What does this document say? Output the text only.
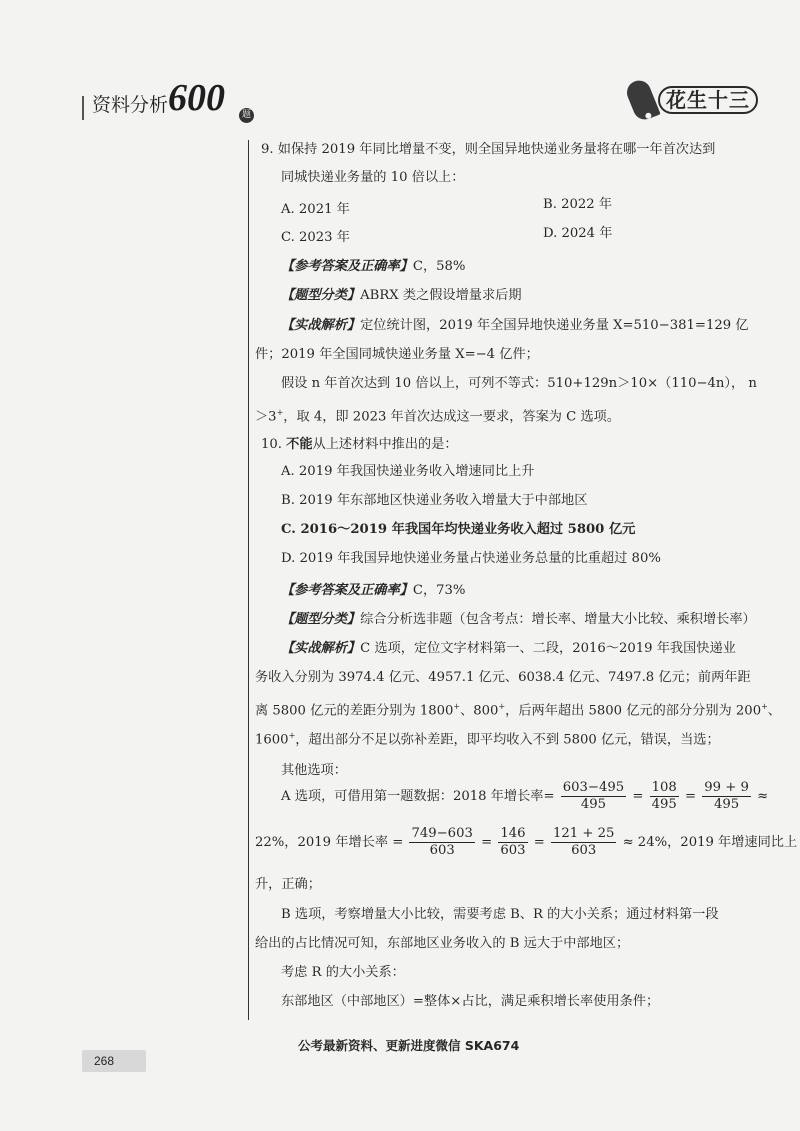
资料分析 600	题
花生十三
9. 如保持 2019 年同比增量不变，则全国异地快递业务量将在哪一年首次达到
同城快递业务量的 10 倍以上：
A. 2021 年	B. 2022 年
C. 2023 年	D. 2024 年
【参考答案及正确率】C，58%
【题型分类】ABRX 类之假设增量求后期
【实战解析】定位统计图，2019 年全国异地快递业务量 X=510−381=129 亿
件；2019 年全国同城快递业务量 X=−4 亿件；
假设 n 年首次达到 10 倍以上，可列不等式：510+129n＞10×（110−4n）， n
＞3+，取 4，即 2023 年首次达成这一要求，答案为 C 选项。
10. 不能从上述材料中推出的是：
A. 2019 年我国快递业务收入增速同比上升
B. 2019 年东部地区快递业务收入增量大于中部地区
C. 2016～2019 年我国年均快递业务收入超过 5800 亿元
D. 2019 年我国异地快递业务量占快递业务总量的比重超过 80%
【参考答案及正确率】C，73%
【题型分类】综合分析选非题（包含考点：增长率、增量大小比较、乘积增长率）
【实战解析】C 选项，定位文字材料第一、二段，2016～2019 年我国快递业
务收入分别为 3974.4 亿元、4957.1 亿元、6038.4 亿元、7497.8 亿元；前两年距
离 5800 亿元的差距分别为 1800+、800+，后两年超出 5800 亿元的部分分别为 200+、
1600+，超出部分不足以弥补差距，即平均收入不到 5800 亿元，错误，当选；
其他选项：
A 选项，可借用第一题数据：2018 年增长率= $\frac{603-495}{495} = \frac{108}{495} = \frac{99 + 9}{495}$ ≈
22%，2019 年增长率 = $\frac{749-603}{603} = \frac{146}{603} = \frac{121 + 25}{603} \approx 24\%$，2019 年增速同比上
升，正确；
B 选项，考察增量大小比较，需要考虑 B、R 的大小关系；通过材料第一段
给出的占比情况可知，东部地区业务收入的 B 远大于中部地区；
考虑 R 的大小关系：
东部地区（中部地区）=整体×占比，满足乘积增长率使用条件；
公考最新资料、更新进度微信 SKA674
268
